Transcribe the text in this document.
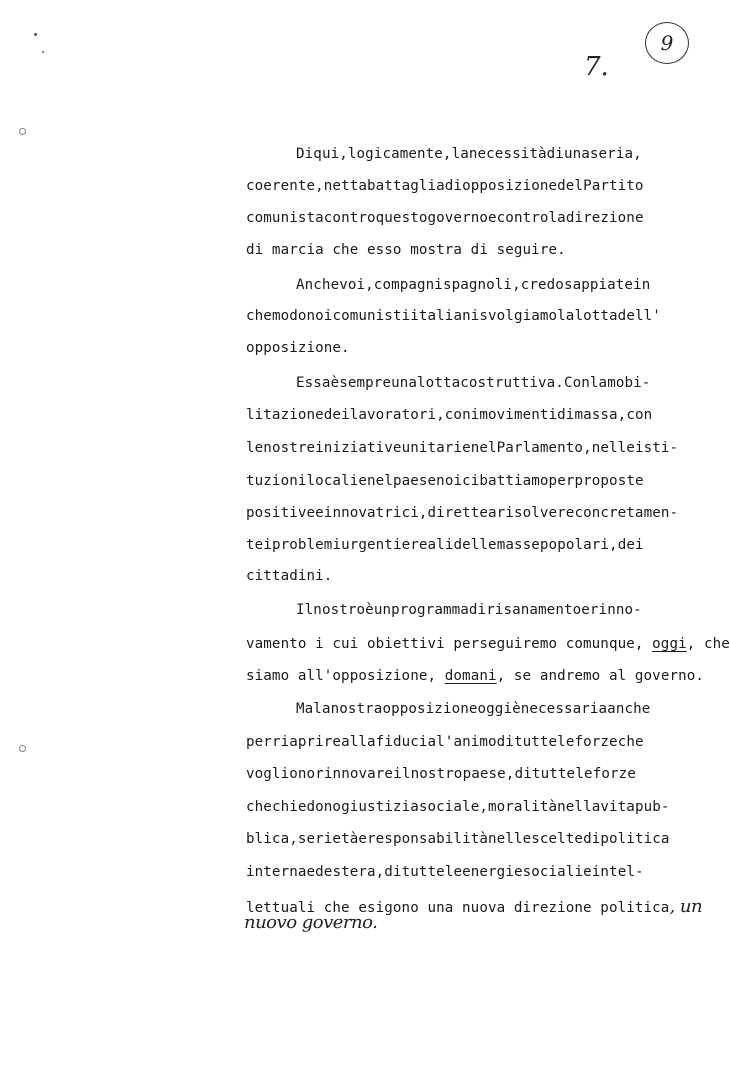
9
7.
Di qui, logicamente, la necessità di una seria,
coerente, netta battaglia di opposizione del Partito
comunista contro questo governo e contro la direzione
di marcia che esso mostra di seguire.
Anche voi, compagni spagnoli, credo sappiate in
che modo noi comunisti italiani svolgiamo la lotta dell'
opposizione.
Essa è sempre una lotta costruttiva. Con la mobi-
litazione dei lavoratori, con i movimenti di massa, con
le nostre iniziative unitarie nel Parlamento, nelle isti-
tuzioni locali e nel paese noi ci battiamo per proposte
positive e innovatrici, dirette a risolvere concretamen-
te i problemi urgenti e reali delle masse popolari, dei
cittadini.
Il nostro è un programma di risanamento e rinno-
vamento i cui obiettivi perseguiremo comunque, oggi, che
siamo all'opposizione, domani, se andremo al governo.
Ma la nostra opposizione oggi è necessaria anche
per riaprire alla fiducia l'animo di tutte le forze che
vogliono rinnovare il nostro paese, di tutte le forze
che chiedono giustizia sociale, moralità nella vita pub-
blica, serietà e responsabilità nelle scelte di politica
interna ed estera, di tutte le energie sociali e intel-
lettuali che esigono una nuova direzione politica, un
nuovo governo.
